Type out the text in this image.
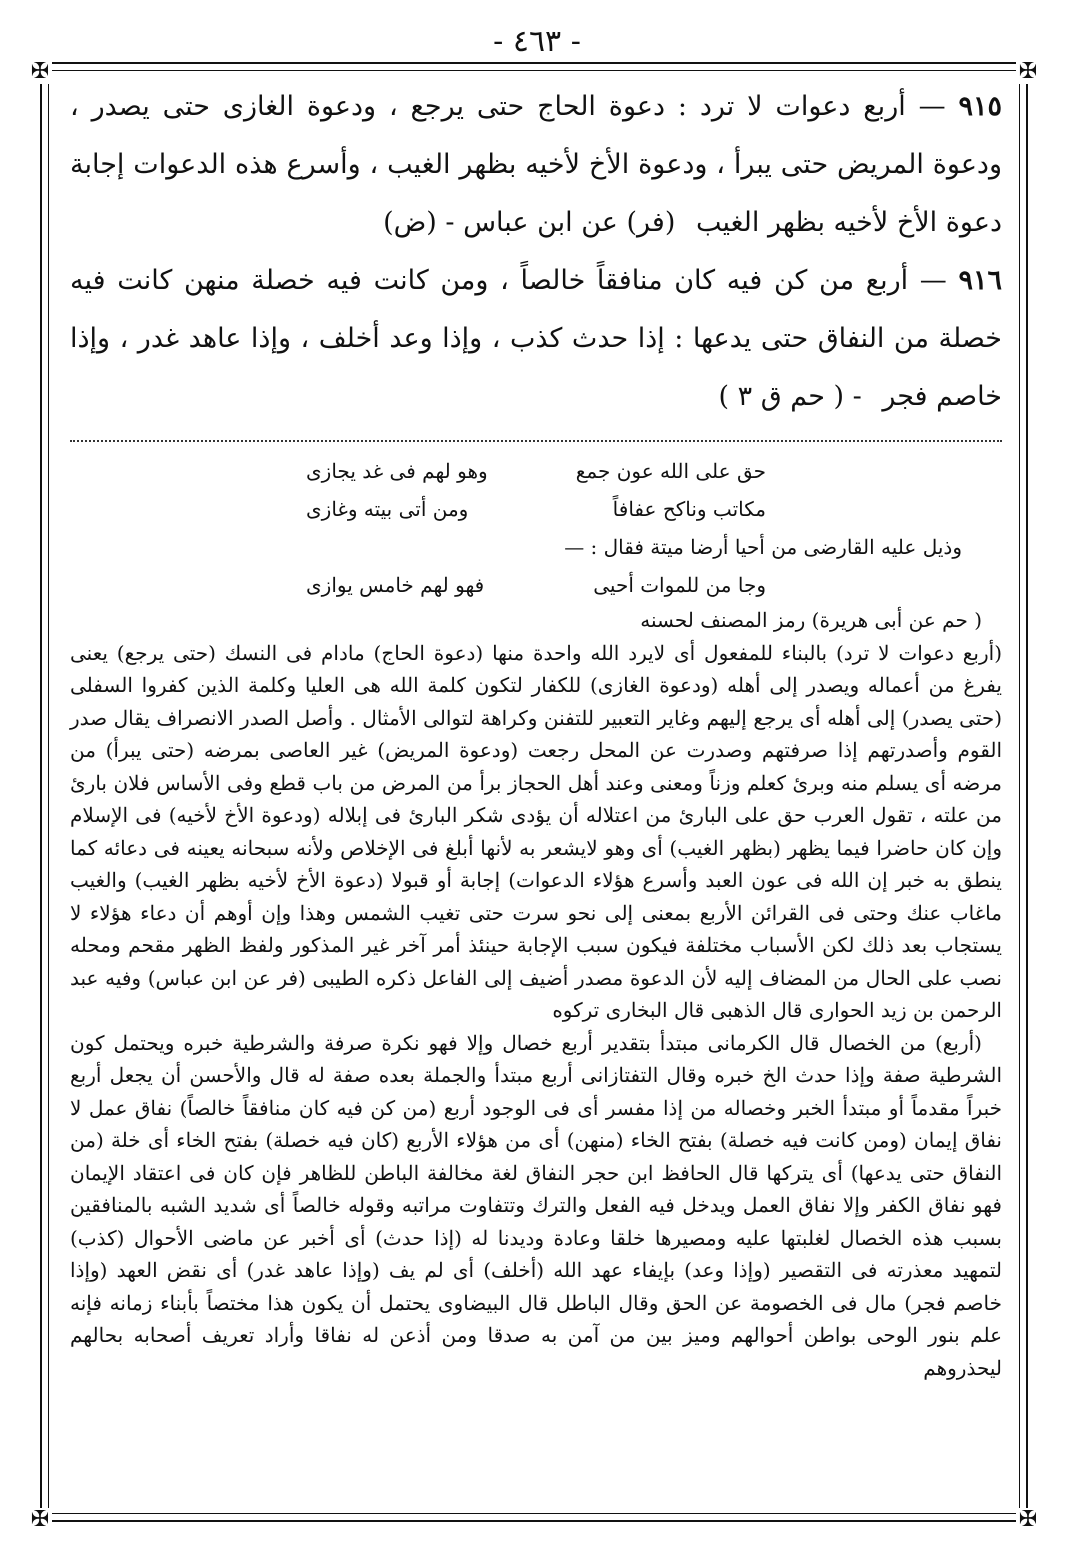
- ٤٦٣ -
✠	✠
✠	✠

٩١٥ — أربع دعوات لا ترد : دعوة الحاج حتى يرجع ، ودعوة الغازى حتى يصدر ، ودعوة المريض حتى يبرأ ، ودعوة الأخ لأخيه بظهر الغيب ، وأسرع هذه الدعوات إجابة دعوة الأخ لأخيه بظهر الغيب (فر) عن ابن عباس - (ض)

٩١٦ — أربع من كن فيه كان منافقاً خالصاً ، ومن كانت فيه خصلة منهن كانت فيه خصلة من النفاق حتى يدعها : إذا حدث كذب ، وإذا وعد أخلف ، وإذا عاهد غدر ، وإذا خاصم فجر - ( حم ق ٣ )

حق على الله عون جمع
وهو لهم فى غد يجازى
مكاتب وناكح عفافاً
ومن أتى بيته وغازى
وذيل عليه القارضى من أحيا أرضا ميتة فقال : —
وجا من للموات أحيى
فهو لهم خامس يوازى

( حم عن أبى هريرة) رمز المصنف لحسنه

(أربع دعوات لا ترد) بالبناء للمفعول أى لايرد الله واحدة منها (دعوة الحاج) مادام فى النسك (حتى يرجع) يعنى يفرغ من أعماله ويصدر إلى أهله (ودعوة الغازى) للكفار لتكون كلمة الله هى العليا وكلمة الذين كفروا السفلى (حتى يصدر) إلى أهله أى يرجع إليهم وغاير التعبير للتفنن وكراهة لتوالى الأمثال . وأصل الصدر الانصراف يقال صدر القوم وأصدرتهم إذا صرفتهم وصدرت عن المحل رجعت (ودعوة المريض) غير العاصى بمرضه (حتى يبرأ) من مرضه أى يسلم منه وبرئ كعلم وزناً ومعنى وعند أهل الحجاز برأ من المرض من باب قطع وفى الأساس فلان بارئ من علته ، تقول العرب حق على البارئ من اعتلاله أن يؤدى شكر البارئ فى إبلاله (ودعوة الأخ لأخيه) فى الإسلام وإن كان حاضرا فيما يظهر (بظهر الغيب) أى وهو لايشعر به لأنها أبلغ فى الإخلاص ولأنه سبحانه يعينه فى دعائه كما ينطق به خبر إن الله فى عون العبد وأسرع هؤلاء الدعوات) إجابة أو قبولا (دعوة الأخ لأخيه بظهر الغيب) والغيب ماغاب عنك وحتى فى القرائن الأربع بمعنى إلى نحو سرت حتى تغيب الشمس وهذا وإن أوهم أن دعاء هؤلاء لا يستجاب بعد ذلك لكن الأسباب مختلفة فيكون سبب الإجابة حينئذ أمر آخر غير المذكور ولفظ الظهر مقحم ومحله نصب على الحال من المضاف إليه لأن الدعوة مصدر أضيف إلى الفاعل ذكره الطيبى (فر عن ابن عباس) وفيه عبد الرحمن بن زيد الحوارى قال الذهبى قال البخارى تركوه

(أربع) من الخصال قال الكرمانى مبتدأ بتقدير أربع خصال وإلا فهو نكرة صرفة والشرطية خبره ويحتمل كون الشرطية صفة وإذا حدث الخ خبره وقال التفتازانى أربع مبتدأ والجملة بعده صفة له قال والأحسن أن يجعل أربع خبراً مقدماً أو مبتدأ الخبر وخصاله من إذا مفسر أى فى الوجود أربع (من كن فيه كان منافقاً خالصاً) نفاق عمل لا نفاق إيمان (ومن كانت فيه خصلة) بفتح الخاء (منهن) أى من هؤلاء الأربع (كان فيه خصلة) بفتح الخاء أى خلة (من النفاق حتى يدعها) أى يتركها قال الحافظ ابن حجر النفاق لغة مخالفة الباطن للظاهر فإن كان فى اعتقاد الإيمان فهو نفاق الكفر وإلا نفاق العمل ويدخل فيه الفعل والترك وتتفاوت مراتبه وقوله خالصاً أى شديد الشبه بالمنافقين بسبب هذه الخصال لغلبتها عليه ومصيرها خلقا وعادة وديدنا له (إذا حدث) أى أخبر عن ماضى الأحوال (كذب) لتمهيد معذرته فى التقصير (وإذا وعد) بإيفاء عهد الله (أخلف) أى لم يف (وإذا عاهد غدر) أى نقض العهد (وإذا خاصم فجر) مال فى الخصومة عن الحق وقال الباطل قال البيضاوى يحتمل أن يكون هذا مختصاً بأبناء زمانه فإنه علم بنور الوحى بواطن أحوالهم وميز بين من آمن به صدقا ومن أذعن له نفاقا وأراد تعريف أصحابه بحالهم ليحذروهم
